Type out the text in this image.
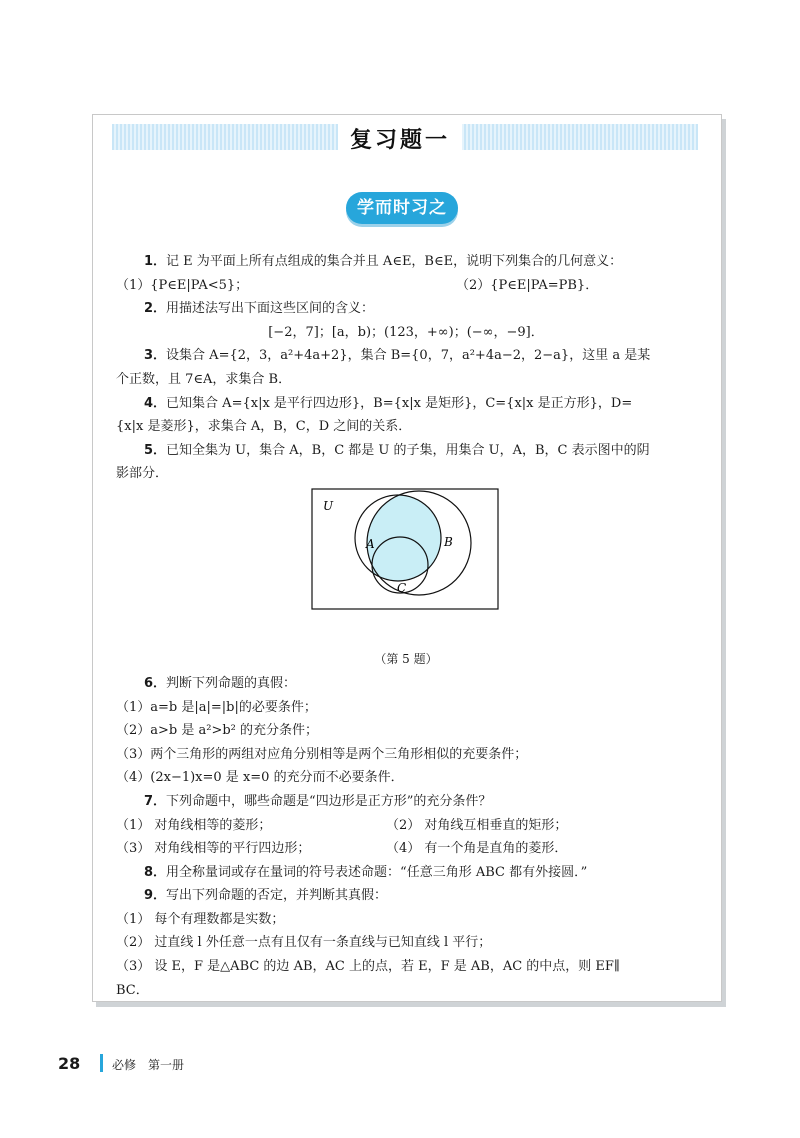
复习题一
学而时习之
1．记 E 为平面上所有点组成的集合并且 A∈E，B∈E，说明下列集合的几何意义：
（1）{P∈E|PA<5}；	（2）{P∈E|PA=PB}．
2．用描述法写出下面这些区间的含义：
[−2，7]；[a，b)；(123，+∞)；(−∞，−9]．
3．设集合 A={2，3，a²+4a+2}，集合 B={0，7，a²+4a−2，2−a}，这里 a 是某
个正数，且 7∈A，求集合 B．
4．已知集合 A={x|x 是平行四边形}，B={x|x 是矩形}，C={x|x 是正方形}，D=
{x|x 是菱形}，求集合 A，B，C，D 之间的关系．
5．已知全集为 U，集合 A，B，C 都是 U 的子集，用集合 U，A，B，C 表示图中的阴
影部分．
U
A	B
C
（第 5 题）
6．判断下列命题的真假：
（1）a=b 是|a|=|b|的必要条件；
（2）a>b 是 a²>b² 的充分条件；
（3）两个三角形的两组对应角分别相等是两个三角形相似的充要条件；
（4）(2x−1)x=0 是 x=0 的充分而不必要条件．
7．下列命题中，哪些命题是“四边形是正方形”的充分条件？
（1） 对角线相等的菱形；	（2） 对角线互相垂直的矩形；
（3） 对角线相等的平行四边形；	（4） 有一个角是直角的菱形．
8．用全称量词或存在量词的符号表述命题：“任意三角形 ABC 都有外接圆．”
9．写出下列命题的否定，并判断其真假：
（1） 每个有理数都是实数；
（2） 过直线 l 外任意一点有且仅有一条直线与已知直线 l 平行；
（3） 设 E，F 是△ABC 的边 AB，AC 上的点，若 E，F 是 AB，AC 的中点，则 EF∥
BC．
28	必修　第一册
